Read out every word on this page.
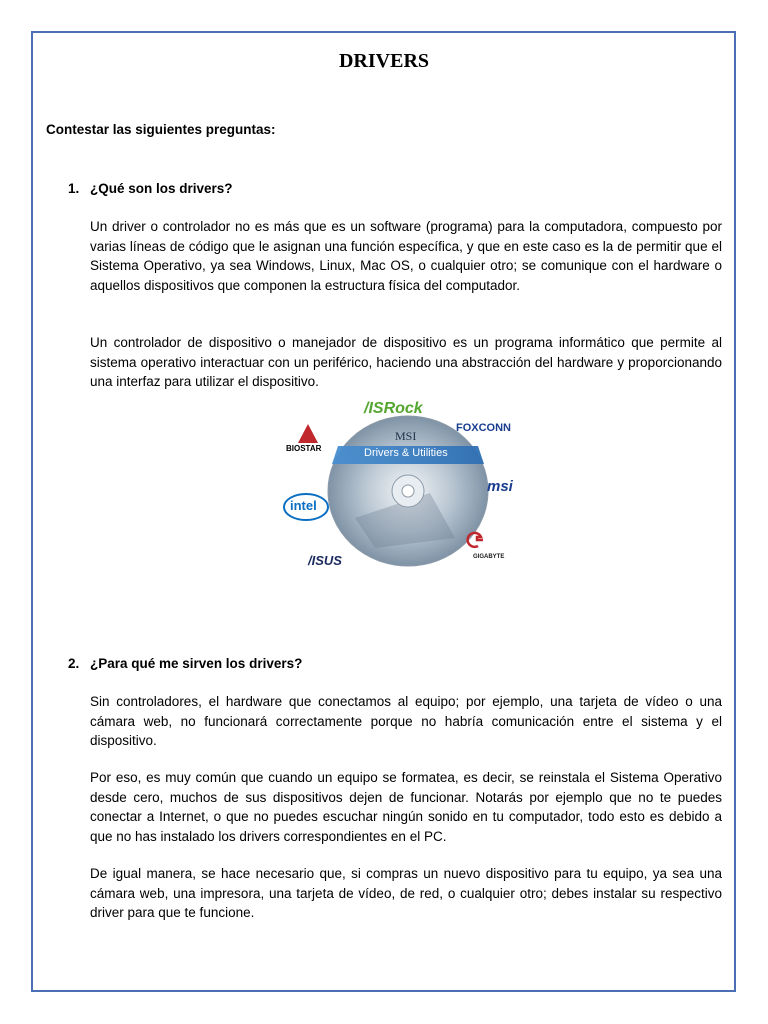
DRIVERS
Contestar las siguientes preguntas:
1. ¿Qué son los drivers?

Un driver o controlador no es más que es un software (programa) para la computadora, compuesto por varias líneas de código que le asignan una función específica, y que en este caso es la de permitir que el Sistema Operativo, ya sea Windows, Linux, Mac OS, o cualquier otro; se comunique con el hardware o aquellos dispositivos que componen la estructura física del computador.

Un controlador de dispositivo o manejador de dispositivo es un programa informático que permite al sistema operativo interactuar con un periférico, haciendo una abstracción del hardware y proporcionando una interfaz para utilizar el dispositivo.

MSI
Drivers & Utilities
/ISRock
FOXCONN
BIOSTAR
intel
msi
/ISUS	GIGABYTE
2. ¿Para qué me sirven los drivers?

Sin controladores, el hardware que conectamos al equipo; por ejemplo, una tarjeta de vídeo o una cámara web, no funcionará correctamente porque no habría comunicación entre el sistema y el dispositivo.

Por eso, es muy común que cuando un equipo se formatea, es decir, se reinstala el Sistema Operativo desde cero, muchos de sus dispositivos dejen de funcionar. Notarás por ejemplo que no te puedes conectar a Internet, o que no puedes escuchar ningún sonido en tu computador, todo esto es debido a que no has instalado los drivers correspondientes en el PC.

De igual manera, se hace necesario que, si compras un nuevo dispositivo para tu equipo, ya sea una cámara web, una impresora, una tarjeta de vídeo, de red, o cualquier otro; debes instalar su respectivo driver para que te funcione.
